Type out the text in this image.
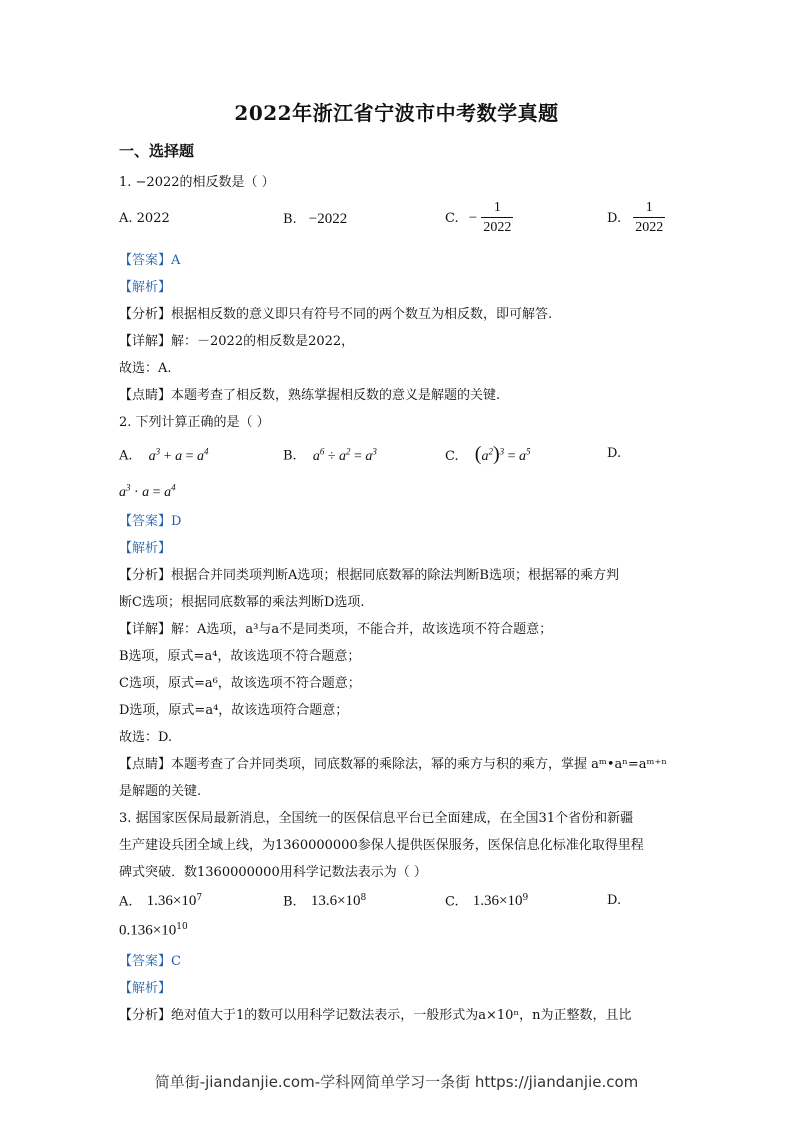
2022年浙江省宁波市中考数学真题
一、选择题
1. −2022的相反数是（ ）
A. 2022	B. −2022	C. − $\frac{1}{2022}$	D. $\frac{1}{2022}$
【答案】A
【解析】
【分析】根据相反数的意义即只有符号不同的两个数互为相反数，即可解答.
【详解】解：－2022的相反数是2022，
故选：A.
【点睛】本题考查了相反数，熟练掌握相反数的意义是解题的关键.
2. 下列计算正确的是（ ）
A. $a^3 + a = a^4$	B. $a^6 \div a^2 = a^3$	C. $(a^2)^3 = a^5$	D.
$a^3 \cdot a = a^4$
【答案】D
【解析】
【分析】根据合并同类项判断A选项；根据同底数幂的除法判断B选项；根据幂的乘方判
断C选项；根据同底数幂的乘法判断D选项.
【详解】解：A选项，a³与a不是同类项，不能合并，故该选项不符合题意；
B选项，原式=a⁴，故该选项不符合题意；
C选项，原式=a⁶，故该选项不符合题意；
D选项，原式=a⁴，故该选项符合题意；
故选：D.
【点睛】本题考查了合并同类项，同底数幂的乘除法，幂的乘方与积的乘方，掌握 aᵐ•aⁿ=aᵐ⁺ⁿ
是解题的关键.
3. 据国家医保局最新消息，全国统一的医保信息平台已全面建成，在全国31个省份和新疆
生产建设兵团全域上线，为1360000000参保人提供医保服务，医保信息化标准化取得里程
碑式突破．数1360000000用科学记数法表示为（ ）
A. $1.36\times 10^7$	B. $13.6\times 10^8$	C. $1.36\times 10^9$	D.
$0.136\times 10^{10}$
【答案】C
【解析】
【分析】绝对值大于1的数可以用科学记数法表示，一般形式为a×10ⁿ，n为正整数，且比
简单街-jiandanjie.com-学科网简单学习一条街 https://jiandanjie.com
